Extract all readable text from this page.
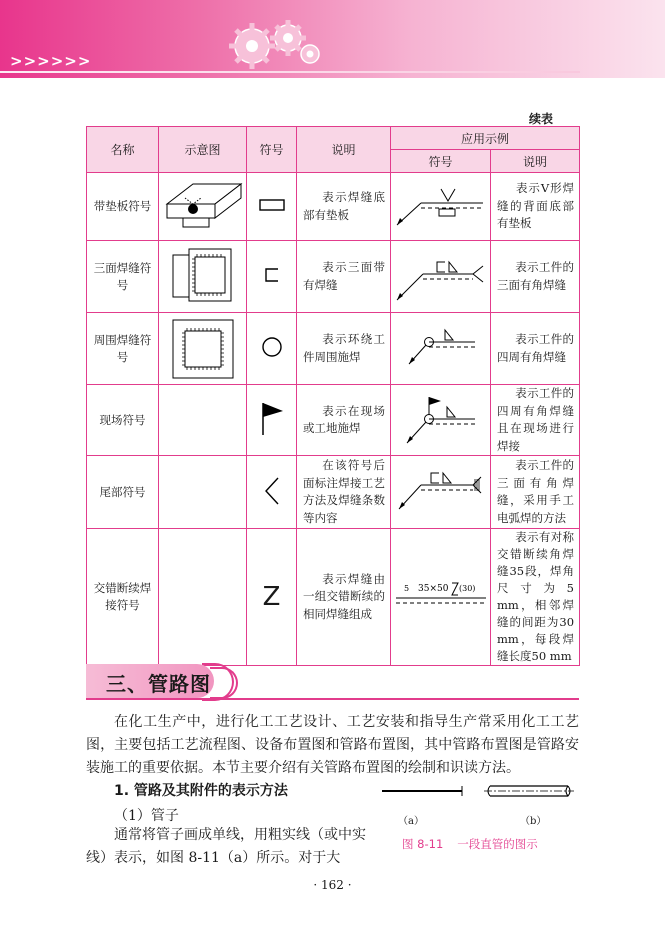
>>>>>>
续表
名称	示意图	符号	说明	应用示例	
				符号	说明
带垫板符号			表示焊缝底部有垫板		表示V形焊缝的背面底部有垫板
三面焊缝符号			表示三面带有焊缝		表示工件的三面有角焊缝
周围焊缝符号			表示环绕工件周围施焊		表示工件的四周有角焊缝
现场符号			表示在现场或工地施焊		表示工件的四周有角焊缝且在现场进行焊接
尾部符号			在该符号后面标注焊接工艺方法及焊缝条数等内容		表示工件的三面有角焊缝，采用手工电弧焊的方法
交错断续焊接符号		Z	表示焊缝由一组交错断续的相同焊缝组成	5 35×50 (30)	表示有对称交错断续角焊缝35段，焊角尺寸为5 mm，相邻焊缝的间距为30 mm，每段焊缝长度50 mm
三、管路图

在化工生产中，进行化工工艺设计、工艺安装和指导生产常采用化工工艺图，主要包括工艺流程图、设备布置图和管路布置图，其中管路布置图是管路安装施工的重要依据。本节主要介绍有关管路布置图的绘制和识读方法。

1. 管路及其附件的表示方法
（1）管子

通常将管子画成单线，用粗实线（或中实线）表示，如图 8-11（a）所示。对于大

（a）	（b）
图 8-11 一段直管的图示
· 162 ·
